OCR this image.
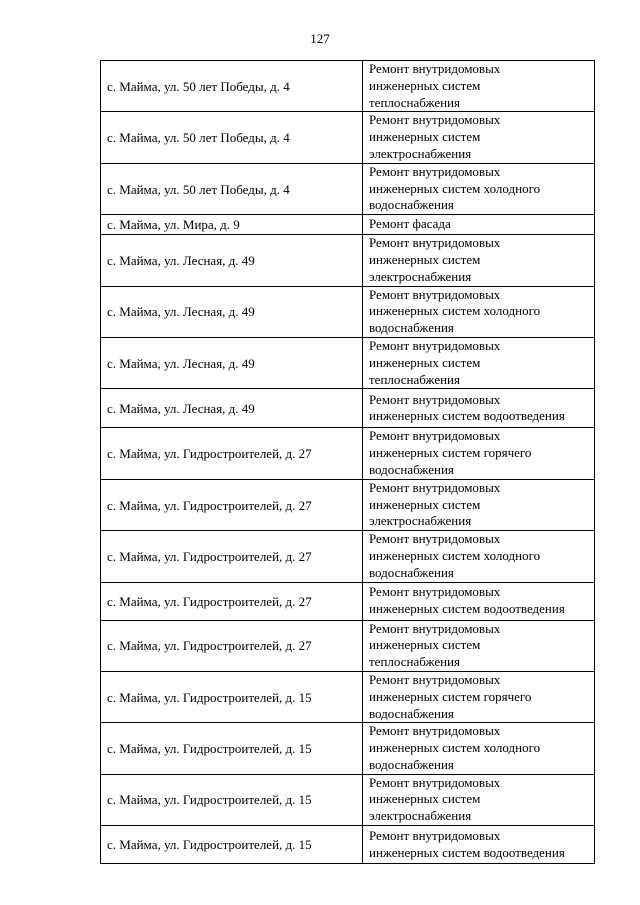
127
с. Майма, ул. 50 лет Победы, д. 4	Ремонт внутридомовых
инженерных систем
теплоснабжения

с. Майма, ул. 50 лет Победы, д. 4	Ремонт внутридомовых
инженерных систем
электроснабжения

с. Майма, ул. 50 лет Победы, д. 4	Ремонт внутридомовых
инженерных систем холодного
водоснабжения

с. Майма, ул. Мира, д. 9	Ремонт фасада

с. Майма, ул. Лесная, д. 49	Ремонт внутридомовых
инженерных систем
электроснабжения

с. Майма, ул. Лесная, д. 49	Ремонт внутридомовых
инженерных систем холодного
водоснабжения

с. Майма, ул. Лесная, д. 49	Ремонт внутридомовых
инженерных систем
теплоснабжения

с. Майма, ул. Лесная, д. 49	Ремонт внутридомовых
инженерных систем водоотведения

с. Майма, ул. Гидростроителей, д. 27	Ремонт внутридомовых
инженерных систем горячего
водоснабжения

с. Майма, ул. Гидростроителей, д. 27	Ремонт внутридомовых
инженерных систем
электроснабжения

с. Майма, ул. Гидростроителей, д. 27	Ремонт внутридомовых
инженерных систем холодного
водоснабжения

с. Майма, ул. Гидростроителей, д. 27	Ремонт внутридомовых
инженерных систем водоотведения

с. Майма, ул. Гидростроителей, д. 27	Ремонт внутридомовых
инженерных систем
теплоснабжения

с. Майма, ул. Гидростроителей, д. 15	Ремонт внутридомовых
инженерных систем горячего
водоснабжения

с. Майма, ул. Гидростроителей, д. 15	Ремонт внутридомовых
инженерных систем холодного
водоснабжения

с. Майма, ул. Гидростроителей, д. 15	Ремонт внутридомовых
инженерных систем
электроснабжения

с. Майма, ул. Гидростроителей, д. 15	Ремонт внутридомовых
инженерных систем водоотведения
